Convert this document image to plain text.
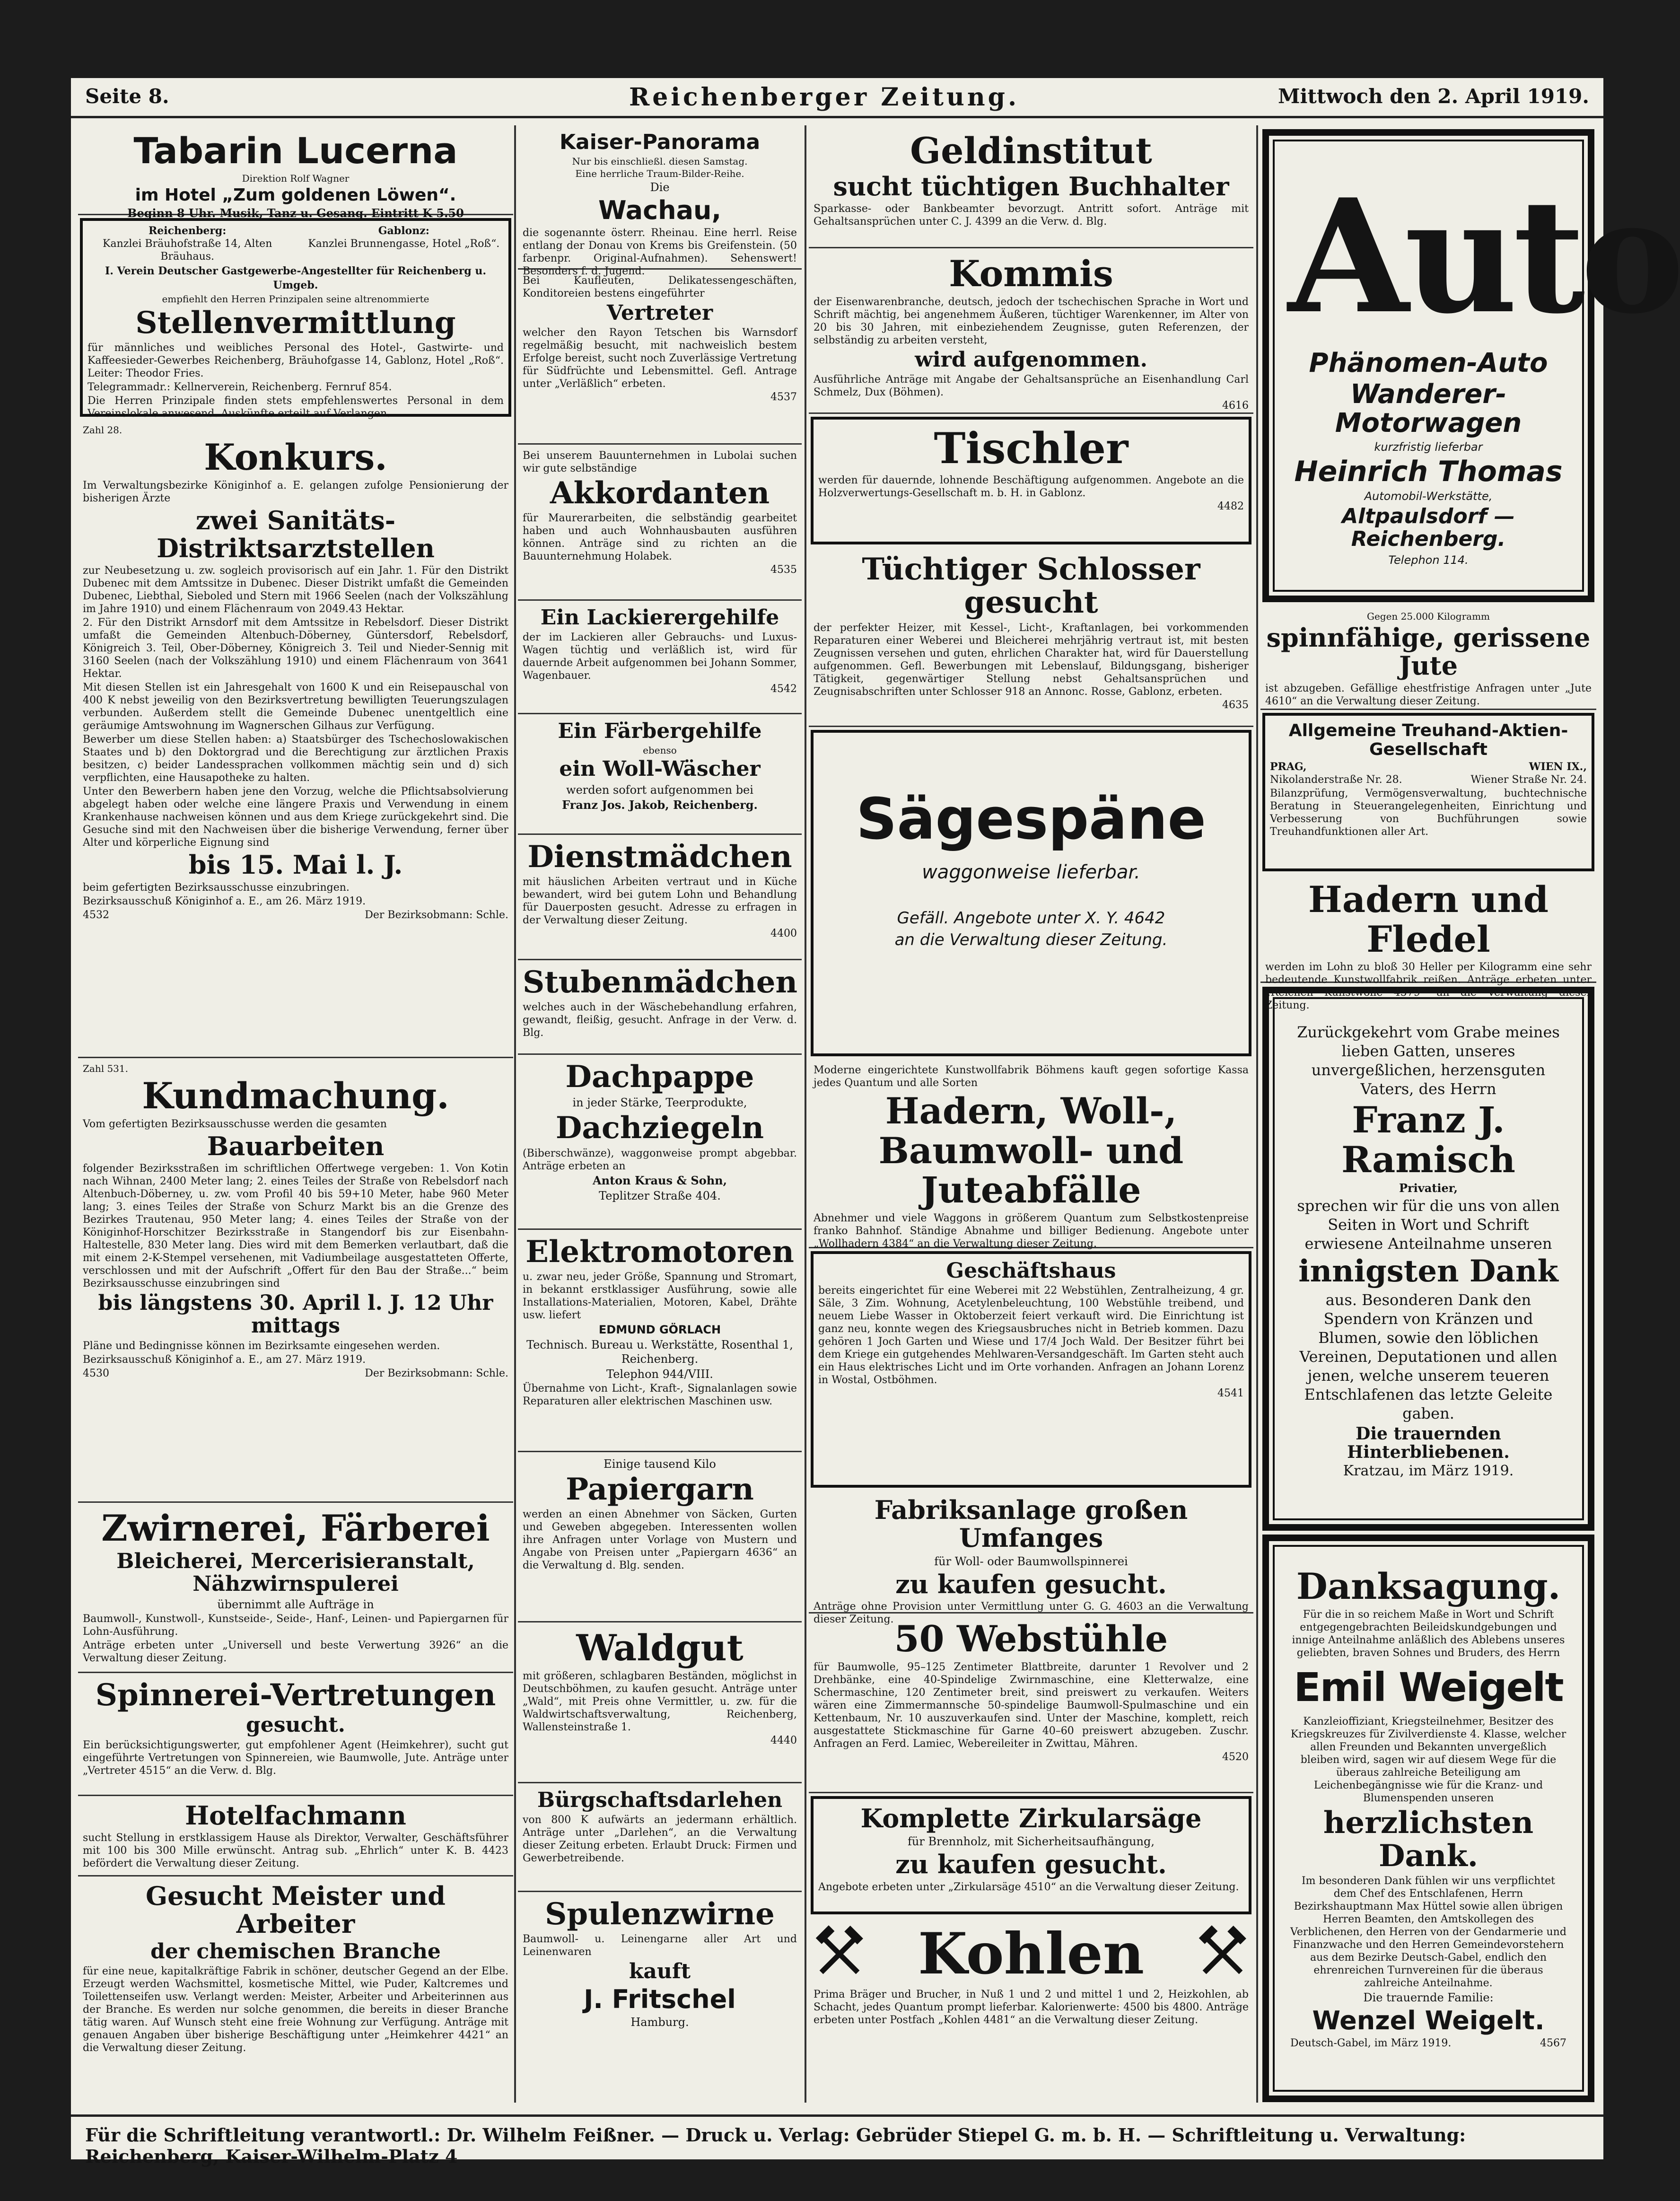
Seite 8.	Reichenberger Zeitung.	Mittwoch den 2. April 1919.
Tabarin Lucerna
Direktion Rolf Wagner
im Hotel „Zum goldenen Löwen“.
Beginn 8 Uhr. Musik, Tanz u. Gesang. Eintritt K 5.50
Reichenberg:	Gablonz:
Kanzlei Bräuhofstraße 14, Alten Bräuhaus.
Kanzlei Brunnengasse, Hotel „Roß“.
I. Verein Deutscher Gastgewerbe-Angestellter für Reichenberg u. Umgeb.
empfiehlt den Herren Prinzipalen seine altrenommierte
Stellenvermittlung

für männliches und weibliches Personal des Hotel-, Gastwirte- und Kaffeesieder-Gewerbes Reichenberg, Bräuhofgasse 14, Gablonz, Hotel „Roß“. Leiter: Theodor Fries.

Telegrammadr.: Kellnerverein, Reichenberg. Fernruf 854.

Die Herren Prinzipale finden stets empfehlenswertes Personal in dem Vereinslokale anwesend. Auskünfte erteilt auf Verlangen.

Zahl 28.
Konkurs.

Im Verwaltungsbezirke Königinhof a. E. gelangen zufolge Pensionierung der bisherigen Ärzte

zwei Sanitäts-Distriktsarztstellen

zur Neubesetzung u. zw. sogleich provisorisch auf ein Jahr. 1. Für den Distrikt Dubenec mit dem Amtssitze in Dubenec. Dieser Distrikt umfaßt die Gemeinden Dubenec, Liebthal, Sieboled und Stern mit 1966 Seelen (nach der Volkszählung im Jahre 1910) und einem Flächenraum von 2049.43 Hektar.

2. Für den Distrikt Arnsdorf mit dem Amtssitze in Rebelsdorf. Dieser Distrikt umfaßt die Gemeinden Altenbuch-Döberney, Güntersdorf, Rebelsdorf, Königreich 3. Teil, Ober-Döberney, Königreich 3. Teil und Nieder-Sennig mit 3160 Seelen (nach der Volkszählung 1910) und einem Flächenraum von 3641 Hektar.

Mit diesen Stellen ist ein Jahresgehalt von 1600 K und ein Reisepauschal von 400 K nebst jeweilig von den Bezirksvertretung bewilligten Teuerungszulagen verbunden. Außerdem stellt die Gemeinde Dubenec unentgeltlich eine geräumige Amtswohnung im Wagnerschen Gilhaus zur Verfügung.

Bewerber um diese Stellen haben: a) Staatsbürger des Tschechoslowakischen Staates und b) den Doktorgrad und die Berechtigung zur ärztlichen Praxis besitzen, c) beider Landessprachen vollkommen mächtig sein und d) sich verpflichten, eine Hausapotheke zu halten.

Unter den Bewerbern haben jene den Vorzug, welche die Pflichtsabsolvierung abgelegt haben oder welche eine längere Praxis und Verwendung in einem Krankenhause nachweisen können und aus dem Kriege zurückgekehrt sind. Die Gesuche sind mit den Nachweisen über die bisherige Verwendung, ferner über Alter und körperliche Eignung sind

bis 15. Mai l. J.

beim gefertigten Bezirksausschusse einzubringen.

Bezirksausschuß Königinhof a. E., am 26. März 1919.

4532	Der Bezirksobmann: Schle.
Zahl 531.
Kundmachung.

Vom gefertigten Bezirksausschusse werden die gesamten

Bauarbeiten

folgender Bezirksstraßen im schriftlichen Offertwege vergeben: 1. Von Kotin nach Wihnan, 2400 Meter lang; 2. eines Teiles der Straße von Rebelsdorf nach Altenbuch-Döberney, u. zw. vom Profil 40 bis 59+10 Meter, habe 960 Meter lang; 3. eines Teiles der Straße von Schurz Markt bis an die Grenze des Bezirkes Trautenau, 950 Meter lang; 4. eines Teiles der Straße von der Königinhof-Horschitzer Bezirksstraße in Stangendorf bis zur Eisenbahn-Haltestelle, 830 Meter lang. Dies wird mit dem Bemerken verlautbart, daß die mit einem 2-K-Stempel versehenen, mit Vadiumbeilage ausgestatteten Offerte, verschlossen und mit der Aufschrift „Offert für den Bau der Straße...“ beim Bezirksausschusse einzubringen sind

bis längstens 30. April l. J. 12 Uhr mittags

Pläne und Bedingnisse können im Bezirksamte eingesehen werden.

Bezirksausschuß Königinhof a. E., am 27. März 1919.

4530	Der Bezirksobmann: Schle.
Zwirnerei, Färberei
Bleicherei, Mercerisieranstalt, Nähzwirnspulerei
übernimmt alle Aufträge in

Baumwoll-, Kunstwoll-, Kunstseide-, Seide-, Hanf-, Leinen- und Papiergarnen für Lohn-Ausführung.

Anträge erbeten unter „Universell und beste Verwertung 3926“ an die Verwaltung dieser Zeitung.

Spinnerei-Vertretungen
gesucht.

Ein berücksichtigungswerter, gut empfohlener Agent (Heimkehrer), sucht gut eingeführte Vertretungen von Spinnereien, wie Baumwolle, Jute. Anträge unter „Vertreter 4515“ an die Verw. d. Blg.

Hotelfachmann

sucht Stellung in erstklassigem Hause als Direktor, Verwalter, Geschäftsführer mit 100 bis 300 Mille erwünscht. Antrag sub. „Ehrlich“ unter K. B. 4423 befördert die Verwaltung dieser Zeitung.

Gesucht Meister und Arbeiter
der chemischen Branche

für eine neue, kapitalkräftige Fabrik in schöner, deutscher Gegend an der Elbe. Erzeugt werden Wachsmittel, kosmetische Mittel, wie Puder, Kaltcremes und Toilettenseifen usw. Verlangt werden: Meister, Arbeiter und Arbeiterinnen aus der Branche. Es werden nur solche genommen, die bereits in dieser Branche tätig waren. Auf Wunsch steht eine freie Wohnung zur Verfügung. Anträge mit genauen Angaben über bisherige Beschäftigung unter „Heimkehrer 4421“ an die Verwaltung dieser Zeitung.

Kaiser-Panorama
Nur bis einschließl. diesen Samstag.
Eine herrliche Traum-Bilder-Reihe.
Die
Wachau,

die sogenannte österr. Rheinau. Eine herrl. Reise entlang der Donau von Krems bis Greifenstein. (50 farbenpr. Original-Aufnahmen). Sehenswert! Besonders f. d. Jugend.

Bei Kaufleuten, Delikatessengeschäften, Konditoreien bestens eingeführter

Vertreter

welcher den Rayon Tetschen bis Warnsdorf regelmäßig besucht, mit nachweislich bestem Erfolge bereist, sucht noch Zuverlässige Vertretung für Südfrüchte und Lebensmittel. Gefl. Antrage unter „Verläßlich“ erbeten.

4537

Bei unserem Bauunternehmen in Lubolai suchen wir gute selbständige

Akkordanten

für Maurerarbeiten, die selbständig gearbeitet haben und auch Wohnhausbauten ausführen können. Anträge sind zu richten an die Bauunternehmung Holabek.

4535

Ein Lackierergehilfe

der im Lackieren aller Gebrauchs- und Luxus-Wagen tüchtig und verläßlich ist, wird für dauernde Arbeit aufgenommen bei Johann Sommer, Wagenbauer.

4542

Ein Färbergehilfe
ebenso
ein Woll-Wäscher
werden sofort aufgenommen bei
Franz Jos. Jakob, Reichenberg.
Dienstmädchen

mit häuslichen Arbeiten vertraut und in Küche bewandert, wird bei gutem Lohn und Behandlung für Dauerposten gesucht. Adresse zu erfragen in der Verwaltung dieser Zeitung.

4400

Stubenmädchen

welches auch in der Wäschebehandlung erfahren, gewandt, fleißig, gesucht. Anfrage in der Verw. d. Blg.

Dachpappe
in jeder Stärke, Teerprodukte,
Dachziegeln

(Biberschwänze), waggonweise prompt abgebbar. Anträge erbeten an

Anton Kraus & Sohn,
Teplitzer Straße 404.
Elektromotoren

u. zwar neu, jeder Größe, Spannung und Stromart, in bekannt erstklassiger Ausführung, sowie alle Installations-Materialien, Motoren, Kabel, Drähte usw. liefert

EDMUND GÖRLACH
Technisch. Bureau u. Werkstätte, Rosenthal 1, Reichenberg.
Telephon 944/VIII.

Übernahme von Licht-, Kraft-, Signalanlagen sowie Reparaturen aller elektrischen Maschinen usw.

Einige tausend Kilo
Papiergarn

werden an einen Abnehmer von Säcken, Gurten und Geweben abgegeben. Interessenten wollen ihre Anfragen unter Vorlage von Mustern und Angabe von Preisen unter „Papiergarn 4636“ an die Verwaltung d. Blg. senden.

Waldgut

mit größeren, schlagbaren Beständen, möglichst in Deutschböhmen, zu kaufen gesucht. Anträge unter „Wald“, mit Preis ohne Vermittler, u. zw. für die Waldwirtschaftsverwaltung, Reichenberg, Wallensteinstraße 1.

4440

Bürgschaftsdarlehen

von 800 K aufwärts an jedermann erhältlich. Anträge unter „Darlehen“, an die Verwaltung dieser Zeitung erbeten. Erlaubt Druck: Firmen und Gewerbetreibende.

Spulenzwirne

Baumwoll- u. Leinengarne aller Art und Leinenwaren

kauft
J. Fritschel
Hamburg.
Geldinstitut
sucht tüchtigen Buchhalter

Sparkasse- oder Bankbeamter bevorzugt. Antritt sofort. Anträge mit Gehaltsansprüchen unter C. J. 4399 an die Verw. d. Blg.

Kommis

der Eisenwarenbranche, deutsch, jedoch der tschechischen Sprache in Wort und Schrift mächtig, bei angenehmem Äußeren, tüchtiger Warenkenner, im Alter von 20 bis 30 Jahren, mit einbeziehendem Zeugnisse, guten Referenzen, der selbständig zu arbeiten versteht,

wird aufgenommen.

Ausführliche Anträge mit Angabe der Gehaltsansprüche an Eisenhandlung Carl Schmelz, Dux (Böhmen).

4616

Tischler

werden für dauernde, lohnende Beschäftigung aufgenommen. Angebote an die Holzverwertungs-Gesellschaft m. b. H. in Gablonz.

4482

Tüchtiger Schlosser gesucht

der perfekter Heizer, mit Kessel-, Licht-, Kraftanlagen, bei vorkommenden Reparaturen einer Weberei und Bleicherei mehrjährig vertraut ist, mit besten Zeugnissen versehen und guten, ehrlichen Charakter hat, wird für Dauerstellung aufgenommen. Gefl. Bewerbungen mit Lebenslauf, Bildungsgang, bisheriger Tätigkeit, gegenwärtiger Stellung nebst Gehaltsansprüchen und Zeugnisabschriften unter Schlosser 918 an Annonc. Rosse, Gablonz, erbeten.

4635

Sägespäne
waggonweise lieferbar.
Gefäll. Angebote unter X. Y. 4642
an die Verwaltung dieser Zeitung.

Moderne eingerichtete Kunstwollfabrik Böhmens kauft gegen sofortige Kassa jedes Quantum und alle Sorten

Hadern, Woll-, Baumwoll- und Juteabfälle

Abnehmer und viele Waggons in größerem Quantum zum Selbstkostenpreise franko Bahnhof. Ständige Abnahme und billiger Bedienung. Angebote unter „Wollhadern 4384“ an die Verwaltung dieser Zeitung.

Geschäftshaus

bereits eingerichtet für eine Weberei mit 22 Webstühlen, Zentralheizung, 4 gr. Säle, 3 Zim. Wohnung, Acetylenbeleuchtung, 100 Webstühle treibend, und neuem Liebe Wasser in Oktoberzeit feiert verkauft wird. Die Einrichtung ist ganz neu, konnte wegen des Kriegsausbruches nicht in Betrieb kommen. Dazu gehören 1 Joch Garten und Wiese und 17/4 Joch Wald. Der Besitzer führt bei dem Kriege ein gutgehendes Mehlwaren-Versandgeschäft. Im Garten steht auch ein Haus elektrisches Licht und im Orte vorhanden. Anfragen an Johann Lorenz in Wostal, Ostböhmen.

4541

Fabriksanlage großen Umfanges
für Woll- oder Baumwollspinnerei
zu kaufen gesucht.

Anträge ohne Provision unter Vermittlung unter G. G. 4603 an die Verwaltung dieser Zeitung. 50 Webstühle

für Baumwolle, 95–125 Zentimeter Blattbreite, darunter 1 Revolver und 2 Drehbänke, eine 40-Spindelige Zwirnmaschine, eine Kletterwalze, eine Schermaschine, 120 Zentimeter breit, sind preiswert zu verkaufen. Weiters wären eine Zimmermannsche 50-spindelige Baumwoll-Spulmaschine und ein Kettenbaum, Nr. 10 auszuverkaufen sind. Unter der Maschine, komplett, reich ausgestattete Stickmaschine für Garne 40–60 preiswert abzugeben. Zuschr. Anfragen an Ferd. Lamiec, Webereileiter in Zwittau, Mähren.

4520

Komplette Zirkularsäge
für Brennholz, mit Sicherheitsaufhängung,
zu kaufen gesucht.

Angebote erbeten unter „Zirkularsäge 4510“ an die Verwaltung dieser Zeitung.

Kohlen

Prima Bräger und Brucher, in Nuß 1 und 2 und mittel 1 und 2, Heizkohlen, ab Schacht, jedes Quantum prompt lieferbar. Kalorienwerte: 4500 bis 4800. Anträge erbeten unter Postfach „Kohlen 4481“ an die Verwaltung dieser Zeitung.

Auto
Phänomen-Auto
Wanderer-Motorwagen
kurzfristig lieferbar
Heinrich Thomas
Automobil-Werkstätte,
Altpaulsdorf — Reichenberg.
Telephon 114.
Gegen 25.000 Kilogramm
spinnfähige, gerissene Jute

ist abzugeben. Gefällige ehestfristige Anfragen unter „Jute 4610“ an die Verwaltung dieser Zeitung.

Allgemeine Treuhand-Aktien-Gesellschaft
PRAG,	WIEN IX.,
Nikolanderstraße Nr. 28.	Wiener Straße Nr. 24.

Bilanzprüfung, Vermögensverwaltung, buchtechnische Beratung in Steuerangelegenheiten, Einrichtung und Verbesserung von Buchführungen sowie Treuhandfunktionen aller Art.

Hadern und Fledel

werden im Lohn zu bloß 30 Heller per Kilogramm eine sehr bedeutende Kunstwollfabrik reißen. Anträge erbeten unter „Reichen Kunstwolle 4579“ an die Verwaltung dieser Zeitung.

Zurückgekehrt vom Grabe meines lieben Gatten, unseres unvergeßlichen, herzensguten Vaters, des Herrn
Franz J. Ramisch
Privatier,
sprechen wir für die uns von allen Seiten in Wort und Schrift erwiesene Anteilnahme unseren
innigsten Dank
aus. Besonderen Dank den Spendern von Kränzen und Blumen, sowie den löblichen Vereinen, Deputationen und allen jenen, welche unserem teueren Entschlafenen das letzte Geleite gaben.
Die trauernden Hinterbliebenen.
Kratzau, im März 1919.
Danksagung.

Für die in so reichem Maße in Wort und Schrift entgegengebrachten Beileidskundgebungen und innige Anteilnahme anläßlich des Ablebens unseres geliebten, braven Sohnes und Bruders, des Herrn

Emil Weigelt

Kanzleioffiziant, Kriegsteilnehmer, Besitzer des Kriegskreuzes für Zivilverdienste 4. Klasse, welcher allen Freunden und Bekannten unvergeßlich bleiben wird, sagen wir auf diesem Wege für die überaus zahlreiche Beteiligung am Leichenbegängnisse wie für die Kranz- und Blumenspenden unseren

herzlichsten Dank.

Im besonderen Dank fühlen wir uns verpflichtet dem Chef des Entschlafenen, Herrn Bezirkshauptmann Max Hüttel sowie allen übrigen Herren Beamten, den Amtskollegen des Verblichenen, den Herren von der Gendarmerie und Finanzwache und den Herren Gemeindevorstehern aus dem Bezirke Deutsch-Gabel, endlich den ehrenreichen Turnvereinen für die überaus zahlreiche Anteilnahme.

Die trauernde Familie:
Wenzel Weigelt.
Deutsch-Gabel, im März 1919.	4567
Für die Schriftleitung verantwortl.: Dr. Wilhelm Feißner. — Druck u. Verlag: Gebrüder Stiepel G. m. b. H. — Schriftleitung u. Verwaltung: Reichenberg, Kaiser-Wilhelm-Platz 4
